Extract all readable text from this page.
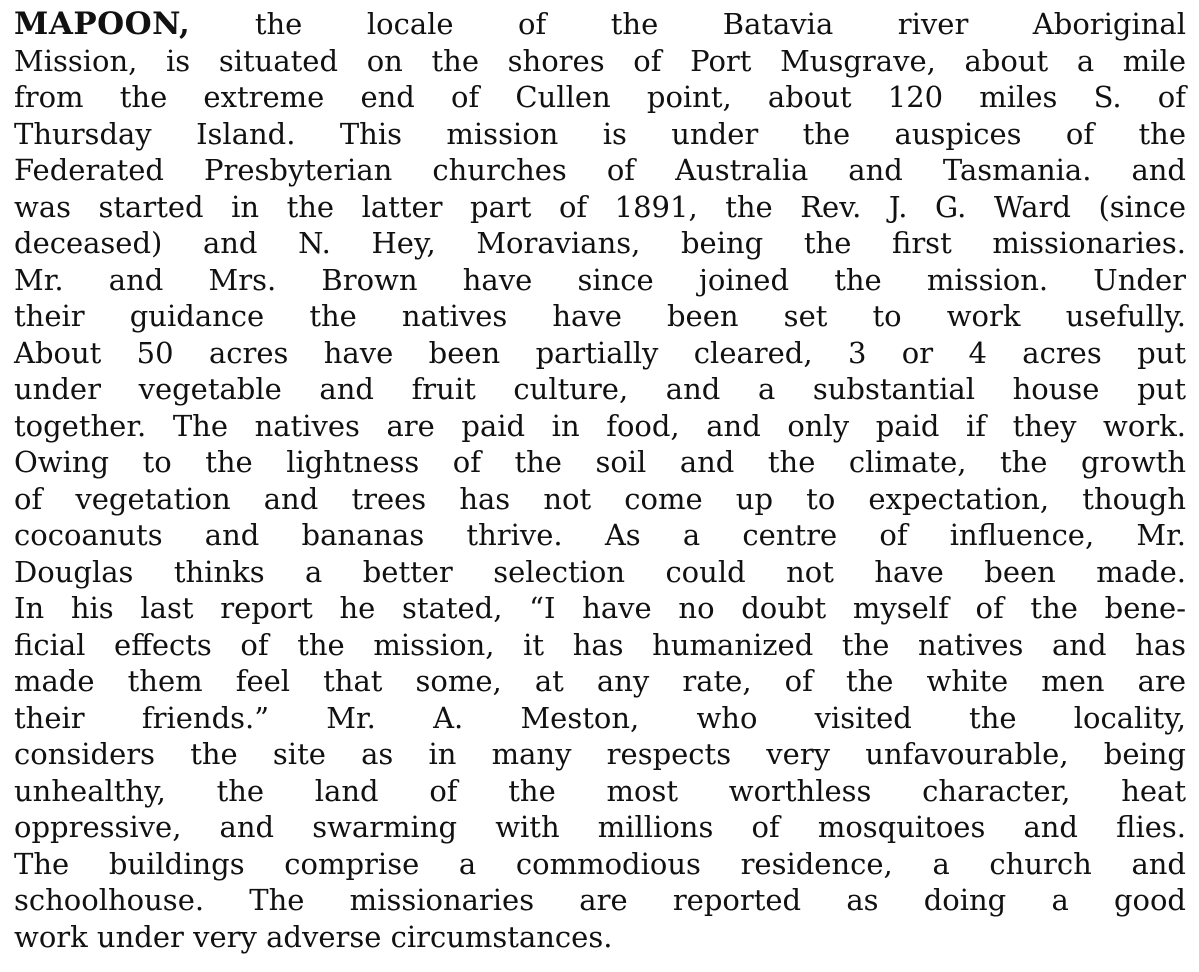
MAPOON, the locale of the Batavia river Aboriginal
Mission, is situated on the shores of Port Musgrave, about a mile
from the extreme end of Cullen point, about 120 miles S. of
Thursday Island. This mission is under the auspices of the
Federated Presbyterian churches of Australia and Tasmania. and
was started in the latter part of 1891, the Rev. J. G. Ward (since
deceased) and N. Hey, Moravians, being the first missionaries.
Mr. and Mrs. Brown have since joined the mission. Under
their guidance the natives have been set to work usefully.
About 50 acres have been partially cleared, 3 or 4 acres put
under vegetable and fruit culture, and a substantial house put
together. The natives are paid in food, and only paid if they work.
Owing to the lightness of the soil and the climate, the growth
of vegetation and trees has not come up to expectation, though
cocoanuts and bananas thrive. As a centre of influence, Mr.
Douglas thinks a better selection could not have been made.
In his last report he stated, “I have no doubt myself of the bene-
ficial effects of the mission, it has humanized the natives and has
made them feel that some, at any rate, of the white men are
their friends.” Mr. A. Meston, who visited the locality,
considers the site as in many respects very unfavourable, being
unhealthy, the land of the most worthless character, heat
oppressive, and swarming with millions of mosquitoes and flies.
The buildings comprise a commodious residence, a church and
schoolhouse. The missionaries are reported as doing a good
work under very adverse circumstances.
